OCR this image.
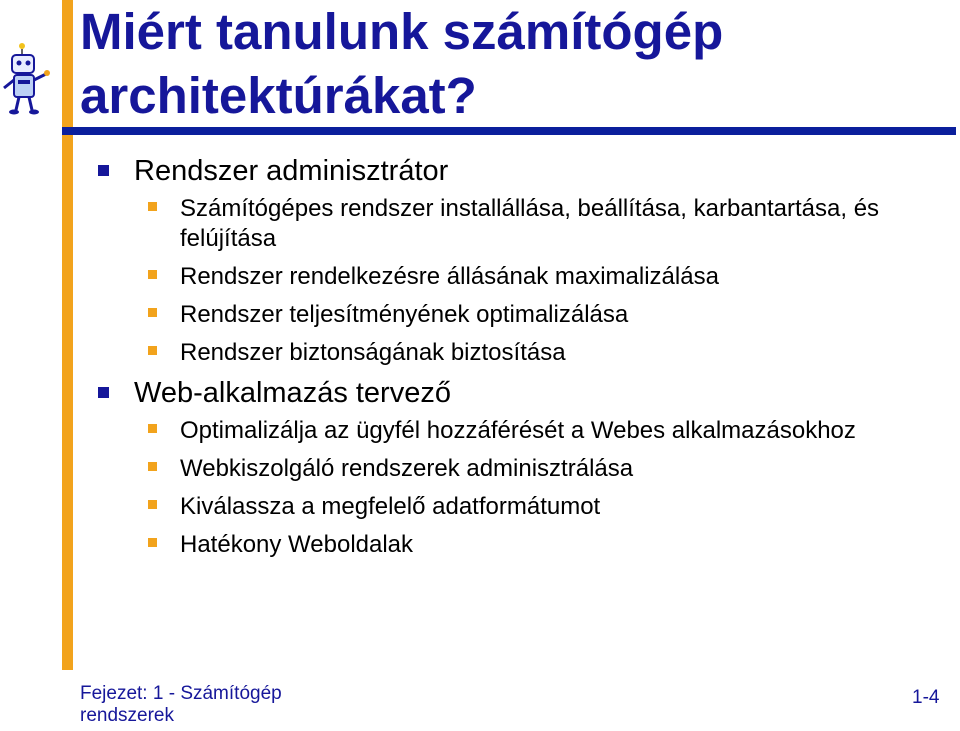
Miért tanulunk számítógép architektúrákat?
Rendszer adminisztrátor
Számítógépes rendszer installállása, beállítása, karbantartása, és felújítása
Rendszer rendelkezésre állásának maximalizálása
Rendszer teljesítményének optimalizálása
Rendszer biztonságának biztosítása
Web-alkalmazás tervező
Optimalizálja az ügyfél hozzáférését a Webes alkalmazásokhoz
Webkiszolgáló rendszerek adminisztrálása
Kiválassza a megfelelő adatformátumot
Hatékony Weboldalak
Fejezet: 1 - Számítógép rendszerek
1-4
